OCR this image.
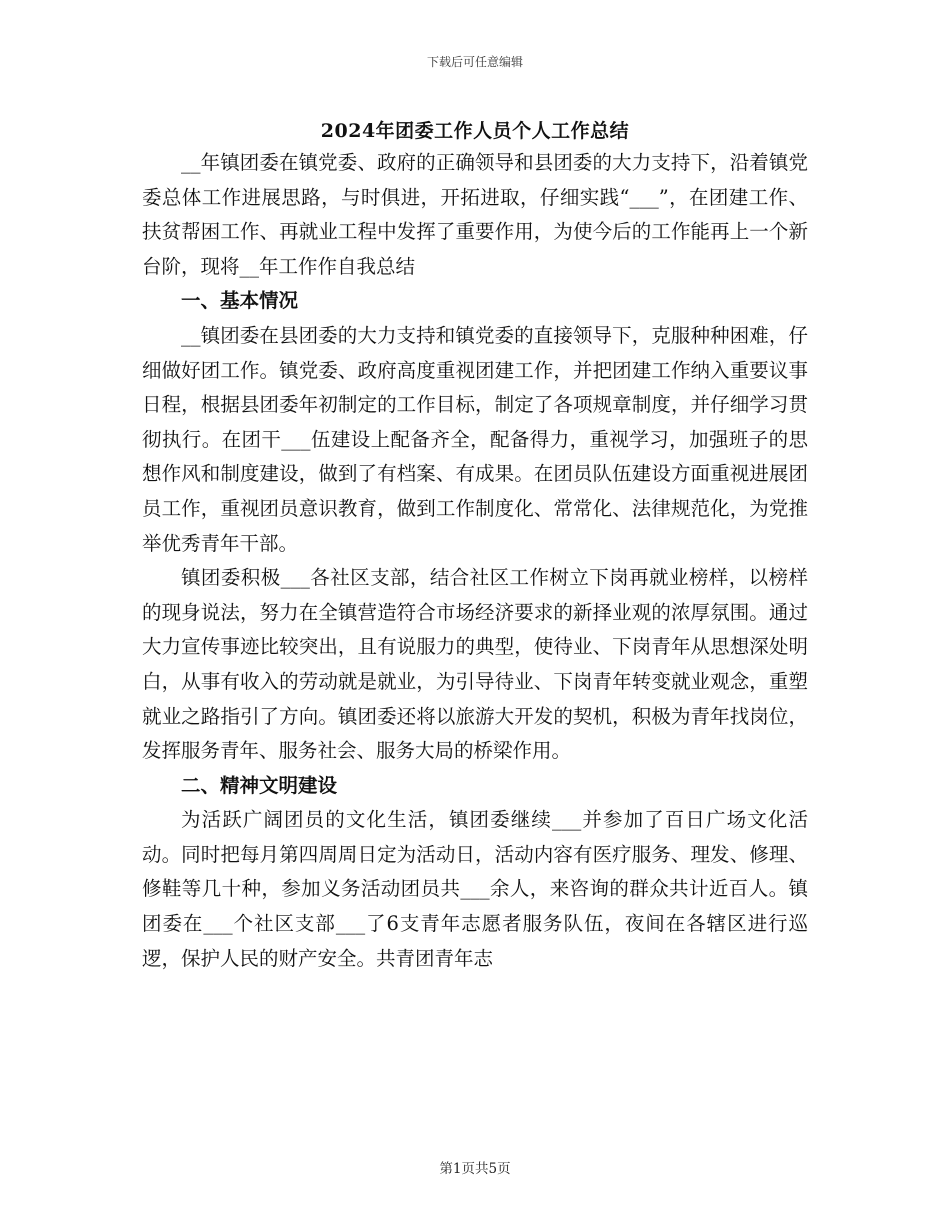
下载后可任意编辑
2024年团委工作人员个人工作总结

__年镇团委在镇党委、政府的正确领导和县团委的大力支持下，沿着镇党委总体工作进展思路，与时俱进，开拓进取，仔细实践“___”，在团建工作、扶贫帮困工作、再就业工程中发挥了重要作用，为使今后的工作能再上一个新台阶，现将__年工作作自我总结

一、基本情况

__镇团委在县团委的大力支持和镇党委的直接领导下，克服种种困难，仔细做好团工作。镇党委、政府高度重视团建工作，并把团建工作纳入重要议事日程，根据县团委年初制定的工作目标，制定了各项规章制度，并仔细学习贯彻执行。在团干___伍建设上配备齐全，配备得力，重视学习，加强班子的思想作风和制度建设，做到了有档案、有成果。在团员队伍建设方面重视进展团员工作，重视团员意识教育，做到工作制度化、常常化、法律规范化，为党推举优秀青年干部。

镇团委积极___各社区支部，结合社区工作树立下岗再就业榜样，以榜样的现身说法，努力在全镇营造符合市场经济要求的新择业观的浓厚氛围。通过大力宣传事迹比较突出，且有说服力的典型，使待业、下岗青年从思想深处明白，从事有收入的劳动就是就业，为引导待业、下岗青年转变就业观念，重塑就业之路指引了方向。镇团委还将以旅游大开发的契机，积极为青年找岗位，发挥服务青年、服务社会、服务大局的桥梁作用。

二、精神文明建设

为活跃广阔团员的文化生活，镇团委继续___并参加了百日广场文化活动。同时把每月第四周周日定为活动日，活动内容有医疗服务、理发、修理、修鞋等几十种，参加义务活动团员共___余人，来咨询的群众共计近百人。镇团委在___个社区支部___了6支青年志愿者服务队伍，夜间在各辖区进行巡逻，保护人民的财产安全。共青团青年志

第1页共5页
